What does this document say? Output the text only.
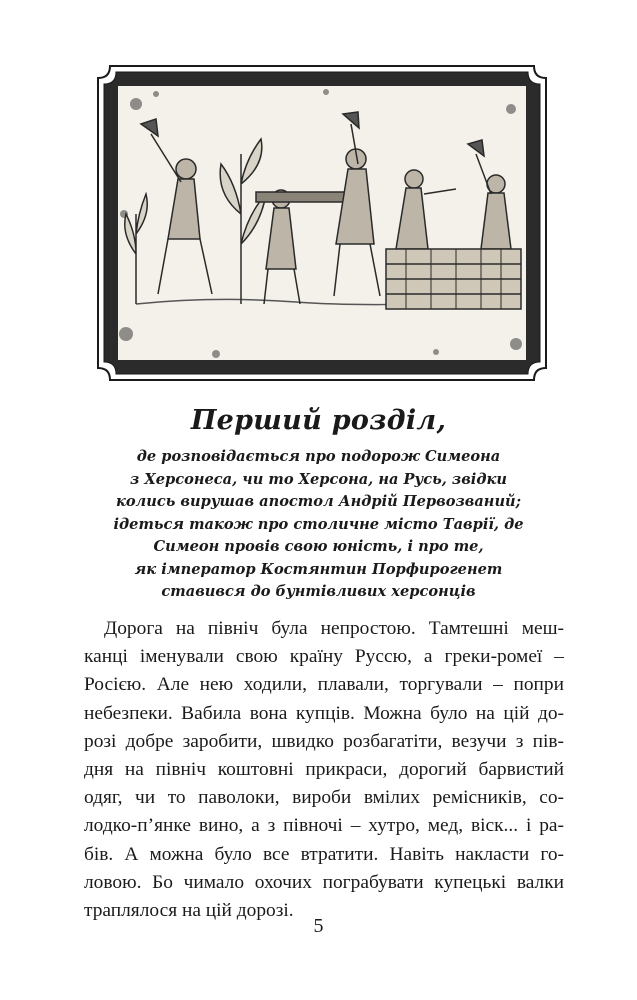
Перший розділ,
де розповідається про подорож Симеона
з Херсонеса, чи то Херсона, на Русь, звідки
колись вирушав апостол Андрій Первозваний;
ідеться також про столичне місто Таврії, де
Симеон провів свою юність, і про те,
як імператор Костянтин Порфирогенет
ставився до бунтівливих херсонців
Дорога на північ була непростою. Тамтешні меш-
канці іменували свою країну Руссю, а греки-ромеї –
Росією. Але нею ходили, плавали, торгували – попри
небезпеки. Вабила вона купців. Можна було на цій до-
розі добре заробити, швидко розбагатіти, везучи з пів-
дня на північ коштовні прикраси, дорогий барвистий
одяг, чи то паволоки, вироби вмілих ремісників, со-
лодко-п’янке вино, а з півночі – хутро, мед, віск... і ра-
бів. А можна було все втратити. Навіть накласти го-
ловою. Бо чимало охочих пограбувати купецькі валки
траплялося на цій дорозі.
5
